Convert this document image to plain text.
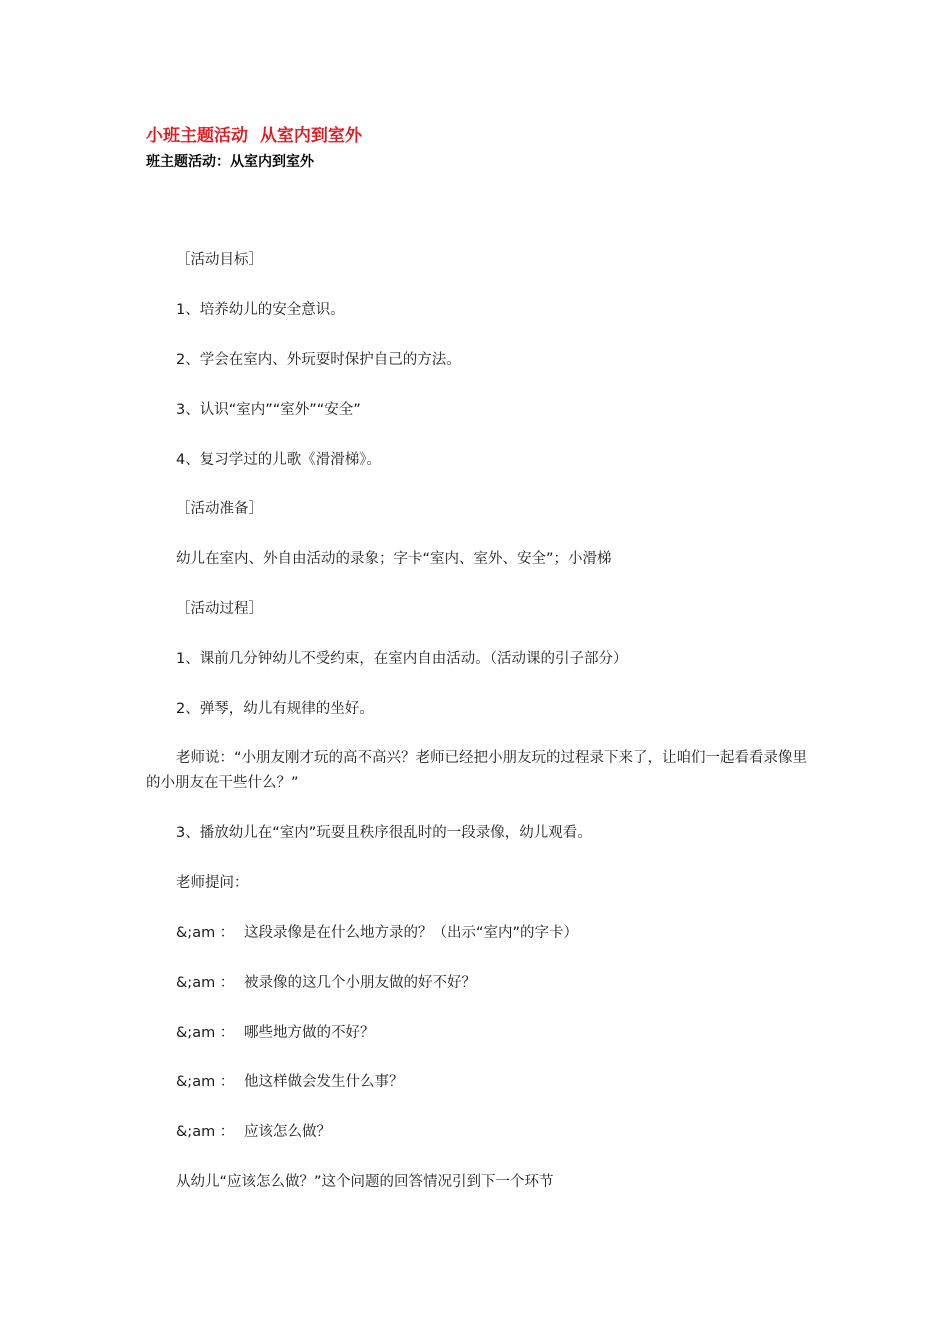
小班主题活动  从室内到室外
班主题活动：从室内到室外

［活动目标］

1、培养幼儿的安全意识。

2、学会在室内、外玩耍时保护自己的方法。

3、认识“室内”“室外”“安全”

4、复习学过的儿歌《滑滑梯》。

［活动准备］

幼儿在室内、外自由活动的录象；字卡“室内、室外、安全”；小滑梯

［活动过程］

1、课前几分钟幼儿不受约束，在室内自由活动。（活动课的引子部分）

2、弹琴，幼儿有规律的坐好。

老师说：“小朋友刚才玩的高不高兴？老师已经把小朋友玩的过程录下来了，让咱们一起看看录像里的小朋友在干些什么？”

3、播放幼儿在“室内”玩耍且秩序很乱时的一段录像，幼儿观看。

老师提问：

&;am ： 这段录像是在什么地方录的？（出示“室内”的字卡）

&;am ： 被录像的这几个小朋友做的好不好？

&;am ： 哪些地方做的不好？

&;am ： 他这样做会发生什么事？

&;am ： 应该怎么做？

从幼儿“应该怎么做？”这个问题的回答情况引到下一个环节
